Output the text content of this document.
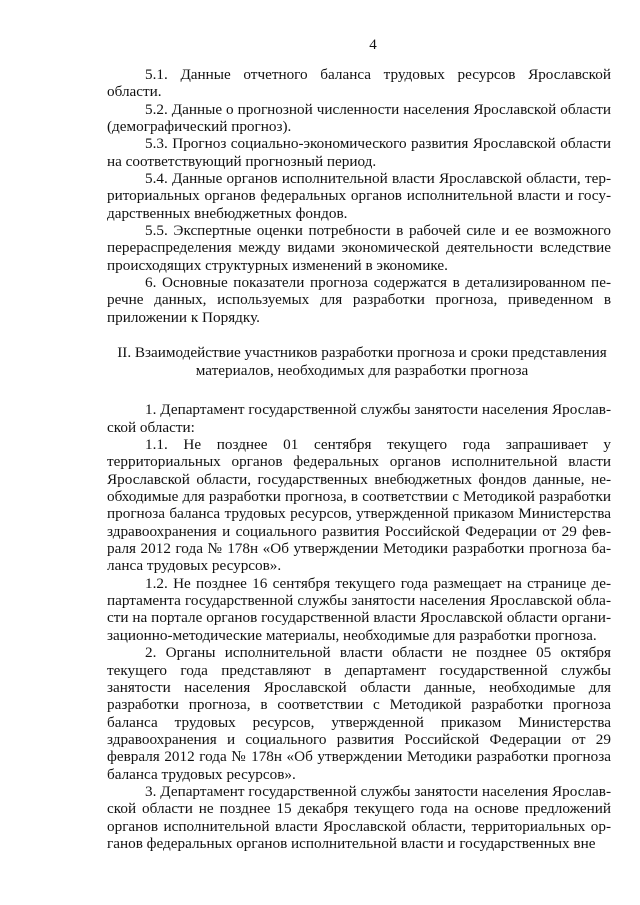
4

5.1. Данные отчетного баланса трудовых ресурсов Ярославской области.

5.2. Данные о прогнозной численности населения Ярославской области (демографический прогноз).

5.3. Прогноз социально-экономического развития Ярославской области на соответствующий прогнозный период.

5.4. Данные органов исполнительной власти Ярославской области, территориальных органов федеральных органов исполнительной власти и государственных внебюджетных фондов.

5.5. Экспертные оценки потребности в рабочей силе и ее возможного перераспределения между видами экономической деятельности вследствие происходящих структурных изменений в экономике.

6. Основные показатели прогноза содержатся в детализированном перечне данных, используемых для разработки прогноза, приведенном в приложении к Порядку.

II. Взаимодействие участников разработки прогноза и сроки представления
материалов, необходимых для разработки прогноза

1. Департамент государственной службы занятости населения Ярославской области:

1.1. Не позднее 01 сентября текущего года запрашивает у территориальных органов федеральных органов исполнительной власти Ярославской области, государственных внебюджетных фондов данные, необходимые для разработки прогноза, в соответствии с Методикой разработки прогноза баланса трудовых ресурсов, утвержденной приказом Министерства здравоохранения и социального развития Российской Федерации от 29 февраля 2012 года № 178н «Об утверждении Методики разработки прогноза баланса трудовых ресурсов».

1.2. Не позднее 16 сентября текущего года размещает на странице департамента государственной службы занятости населения Ярославской области на портале органов государственной власти Ярославской области организационно-методические материалы, необходимые для разработки прогноза.

2. Органы исполнительной власти области не позднее 05 октября текущего года представляют в департамент государственной службы занятости населения Ярославской области данные, необходимые для разработки прогноза, в соответствии с Методикой разработки прогноза баланса трудовых ресурсов, утвержденной приказом Министерства здравоохранения и социального развития Российской Федерации от 29 февраля 2012 года № 178н «Об утверждении Методики разработки прогноза баланса трудовых ресурсов».

3. Департамент государственной службы занятости населения Ярославской области не позднее 15 декабря текущего года на основе предложений органов исполнительной власти Ярославской области, территориальных органов федеральных органов исполнительной власти и государственных вне
